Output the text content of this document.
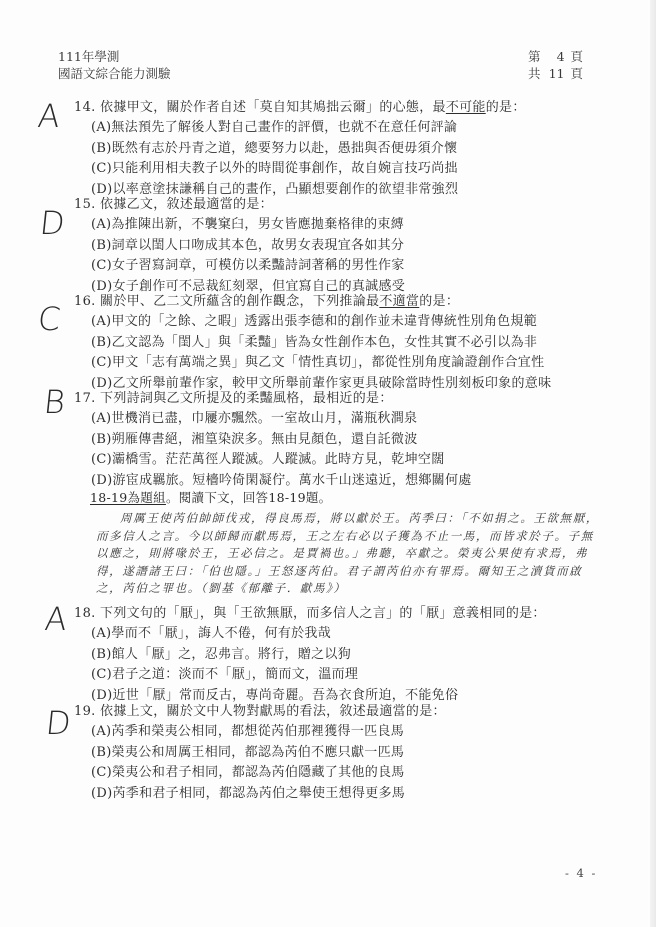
111年學測
國語文綜合能力測驗
第	4 頁
共 11 頁
A
D
C
B
A
D
14. 依據甲文，關於作者自述「莫自知其鳩拙云爾」的心態，最不可能的是：
(A)無法預先了解後人對自己畫作的評價，也就不在意任何評論
(B)既然有志於丹青之道，總要努力以赴，愚拙與否便毋須介懷
(C)只能利用相夫教子以外的時間從事創作，故自婉言技巧尚拙
(D)以率意塗抹謙稱自己的畫作，凸顯想要創作的欲望非常強烈
15. 依據乙文，敘述最適當的是：
(A)為推陳出新，不襲窠臼，男女皆應拋棄格律的束縛
(B)詞章以閨人口吻成其本色，故男女表現宜各如其分
(C)女子習寫詞章，可模仿以柔豔詩詞著稱的男性作家
(D)女子創作可不忌裁紅刻翠，但宜寫自己的真誠感受
16. 關於甲、乙二文所蘊含的創作觀念，下列推論最不適當的是：
(A)甲文的「之餘、之暇」透露出張李德和的創作並未違背傳統性別角色規範
(B)乙文認為「閨人」與「柔豔」皆為女性創作本色，女性其實不必引以為非
(C)甲文「志有萬端之異」與乙文「情性真切」，都從性別角度論證創作合宜性
(D)乙文所舉前輩作家，較甲文所舉前輩作家更具破除當時性別刻板印象的意味
17. 下列詩詞與乙文所提及的柔豔風格，最相近的是：
(A)世機消已盡，巾屨亦飄然。一室故山月，滿瓶秋澗泉
(B)朔雁傳書絕，湘篁染淚多。無由見顏色，還自託微波
(C)灞橋雪。茫茫萬徑人蹤滅。人蹤滅。此時方見，乾坤空闊
(D)游宦成羈旅。短檣吟倚閑凝佇。萬水千山迷遠近，想鄉關何處
18-19為題組。閱讀下文，回答18-19題。
周厲王使芮伯帥師伐戎，得良馬焉，將以獻於王。芮季曰：「不如捐之。王欲無厭，
而多信人之言。今以師歸而獻馬焉，王之左右必以子獲為不止一馬，而皆求於子。子無
以應之，則將喙於王，王必信之。是賈禍也。」弗聽，卒獻之。榮夷公果使有求焉，弗
得，遂譖諸王曰：「伯也隱。」王怒逐芮伯。君子謂芮伯亦有罪焉。爾知王之瀆貨而啟
之，芮伯之罪也。（劉基《郁離子．獻馬》）
18. 下列文句的「厭」，與「王欲無厭，而多信人之言」的「厭」意義相同的是：
(A)學而不「厭」，誨人不倦，何有於我哉
(B)館人「厭」之，忍弗言。將行，贈之以狗
(C)君子之道：淡而不「厭」，簡而文，溫而理
(D)近世「厭」常而反古，專尚奇麗。吾為衣食所迫，不能免俗
19. 依據上文，關於文中人物對獻馬的看法，敘述最適當的是：
(A)芮季和榮夷公相同，都想從芮伯那裡獲得一匹良馬
(B)榮夷公和周厲王相同，都認為芮伯不應只獻一匹馬
(C)榮夷公和君子相同，都認為芮伯隱藏了其他的良馬
(D)芮季和君子相同，都認為芮伯之舉使王想得更多馬
- 4 -
